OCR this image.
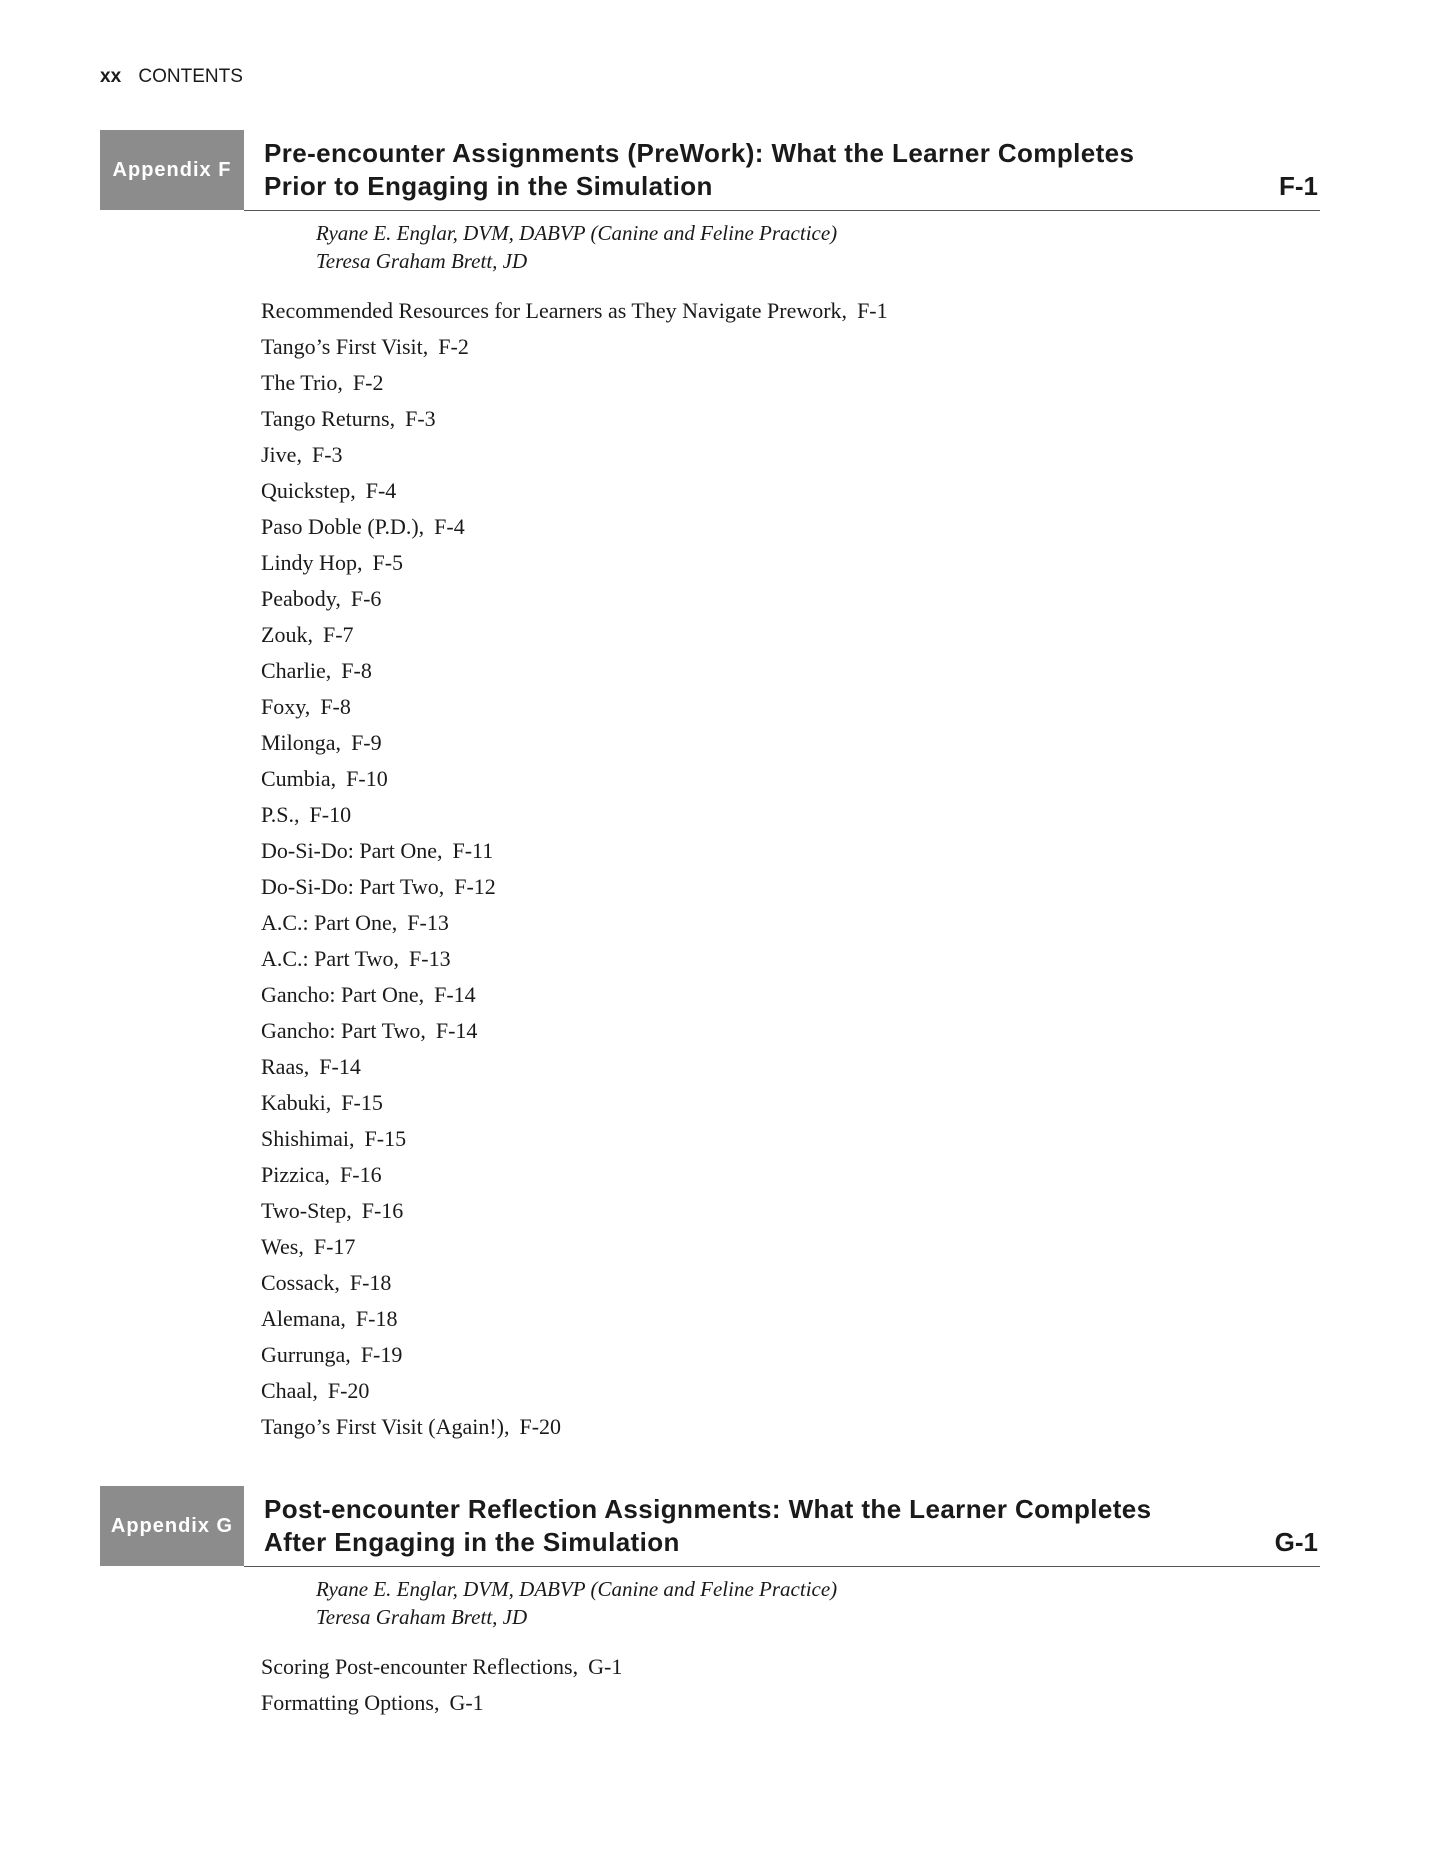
xx CONTENTS
Appendix F
Pre-encounter Assignments (PreWork): What the Learner Completes
Prior to Engaging in the Simulation	F-1
Ryane E. Englar, DVM, DABVP (Canine and Feline Practice)
Teresa Graham Brett, JD
Recommended Resources for Learners as They Navigate Prework, F-1
Tango’s First Visit, F-2
The Trio, F-2
Tango Returns, F-3
Jive, F-3
Quickstep, F-4
Paso Doble (P.D.), F-4
Lindy Hop, F-5
Peabody, F-6
Zouk, F-7
Charlie, F-8
Foxy, F-8
Milonga, F-9
Cumbia, F-10
P.S., F-10
Do-Si-Do: Part One, F-11
Do-Si-Do: Part Two, F-12
A.C.: Part One, F-13
A.C.: Part Two, F-13
Gancho: Part One, F-14
Gancho: Part Two, F-14
Raas, F-14
Kabuki, F-15
Shishimai, F-15
Pizzica, F-16
Two-Step, F-16
Wes, F-17
Cossack, F-18
Alemana, F-18
Gurrunga, F-19
Chaal, F-20
Tango’s First Visit (Again!), F-20
Appendix G
Post-encounter Reflection Assignments: What the Learner Completes
After Engaging in the Simulation	G-1
Ryane E. Englar, DVM, DABVP (Canine and Feline Practice)
Teresa Graham Brett, JD
Scoring Post-encounter Reflections, G-1
Formatting Options, G-1
